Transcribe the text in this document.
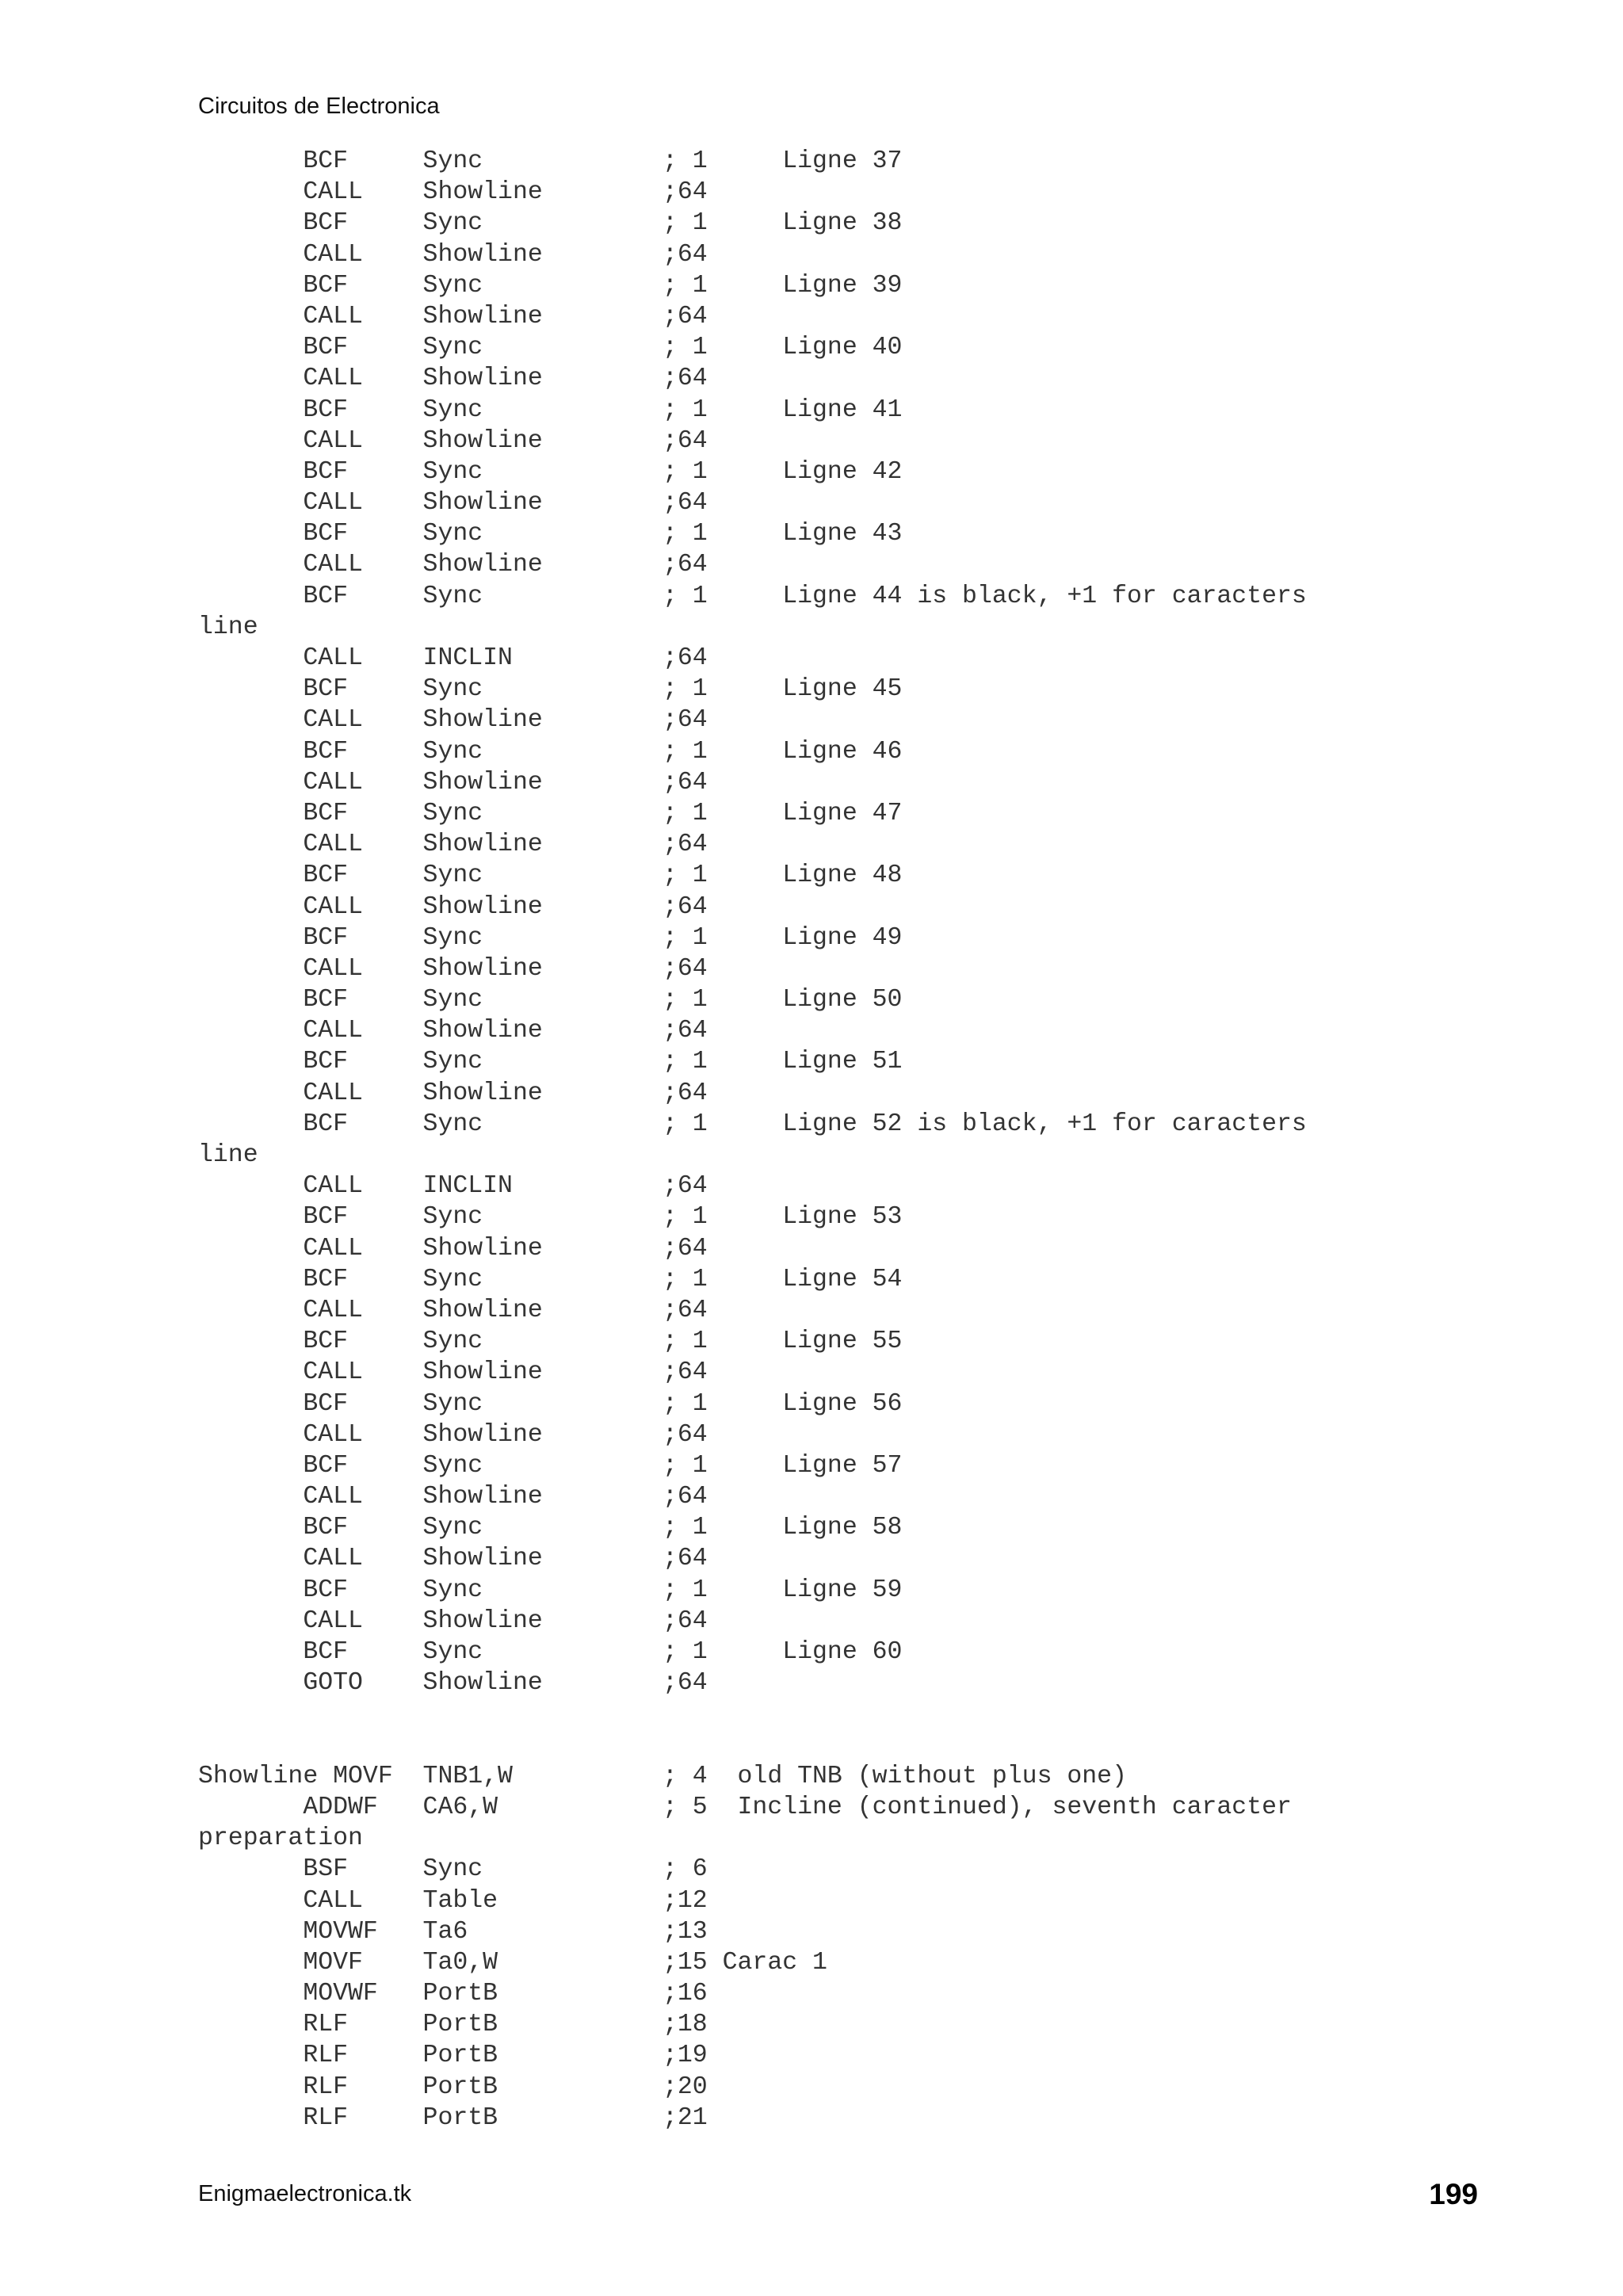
Circuitos de Electronica
BCF     Sync            ; 1     Ligne 37
CALL    Showline        ;64
BCF     Sync            ; 1     Ligne 38
CALL    Showline        ;64
BCF     Sync            ; 1     Ligne 39
CALL    Showline        ;64
BCF     Sync            ; 1     Ligne 40
CALL    Showline        ;64
BCF     Sync            ; 1     Ligne 41
CALL    Showline        ;64
BCF     Sync            ; 1     Ligne 42
CALL    Showline        ;64
BCF     Sync            ; 1     Ligne 43
CALL    Showline        ;64
BCF     Sync            ; 1     Ligne 44 is black, +1 for caracters
line
CALL    INCLIN          ;64
BCF     Sync            ; 1     Ligne 45
CALL    Showline        ;64
BCF     Sync            ; 1     Ligne 46
CALL    Showline        ;64
BCF     Sync            ; 1     Ligne 47
CALL    Showline        ;64
BCF     Sync            ; 1     Ligne 48
CALL    Showline        ;64
BCF     Sync            ; 1     Ligne 49
CALL    Showline        ;64
BCF     Sync            ; 1     Ligne 50
CALL    Showline        ;64
BCF     Sync            ; 1     Ligne 51
CALL    Showline        ;64
BCF     Sync            ; 1     Ligne 52 is black, +1 for caracters
line
CALL    INCLIN          ;64
BCF     Sync            ; 1     Ligne 53
CALL    Showline        ;64
BCF     Sync            ; 1     Ligne 54
CALL    Showline        ;64
BCF     Sync            ; 1     Ligne 55
CALL    Showline        ;64
BCF     Sync            ; 1     Ligne 56
CALL    Showline        ;64
BCF     Sync            ; 1     Ligne 57
CALL    Showline        ;64
BCF     Sync            ; 1     Ligne 58
CALL    Showline        ;64
BCF     Sync            ; 1     Ligne 59
CALL    Showline        ;64
BCF     Sync            ; 1     Ligne 60
GOTO    Showline        ;64

Showline MOVF  TNB1,W          ; 4  old TNB (without plus one)
ADDWF   CA6,W           ; 5  Incline (continued), seventh caracter
preparation
BSF     Sync            ; 6
CALL    Table           ;12
MOVWF   Ta6             ;13
MOVF    Ta0,W           ;15 Carac 1
MOVWF   PortB           ;16
RLF     PortB           ;18
RLF     PortB           ;19
RLF     PortB           ;20
RLF     PortB           ;21
Enigmaelectronica.tk	199
